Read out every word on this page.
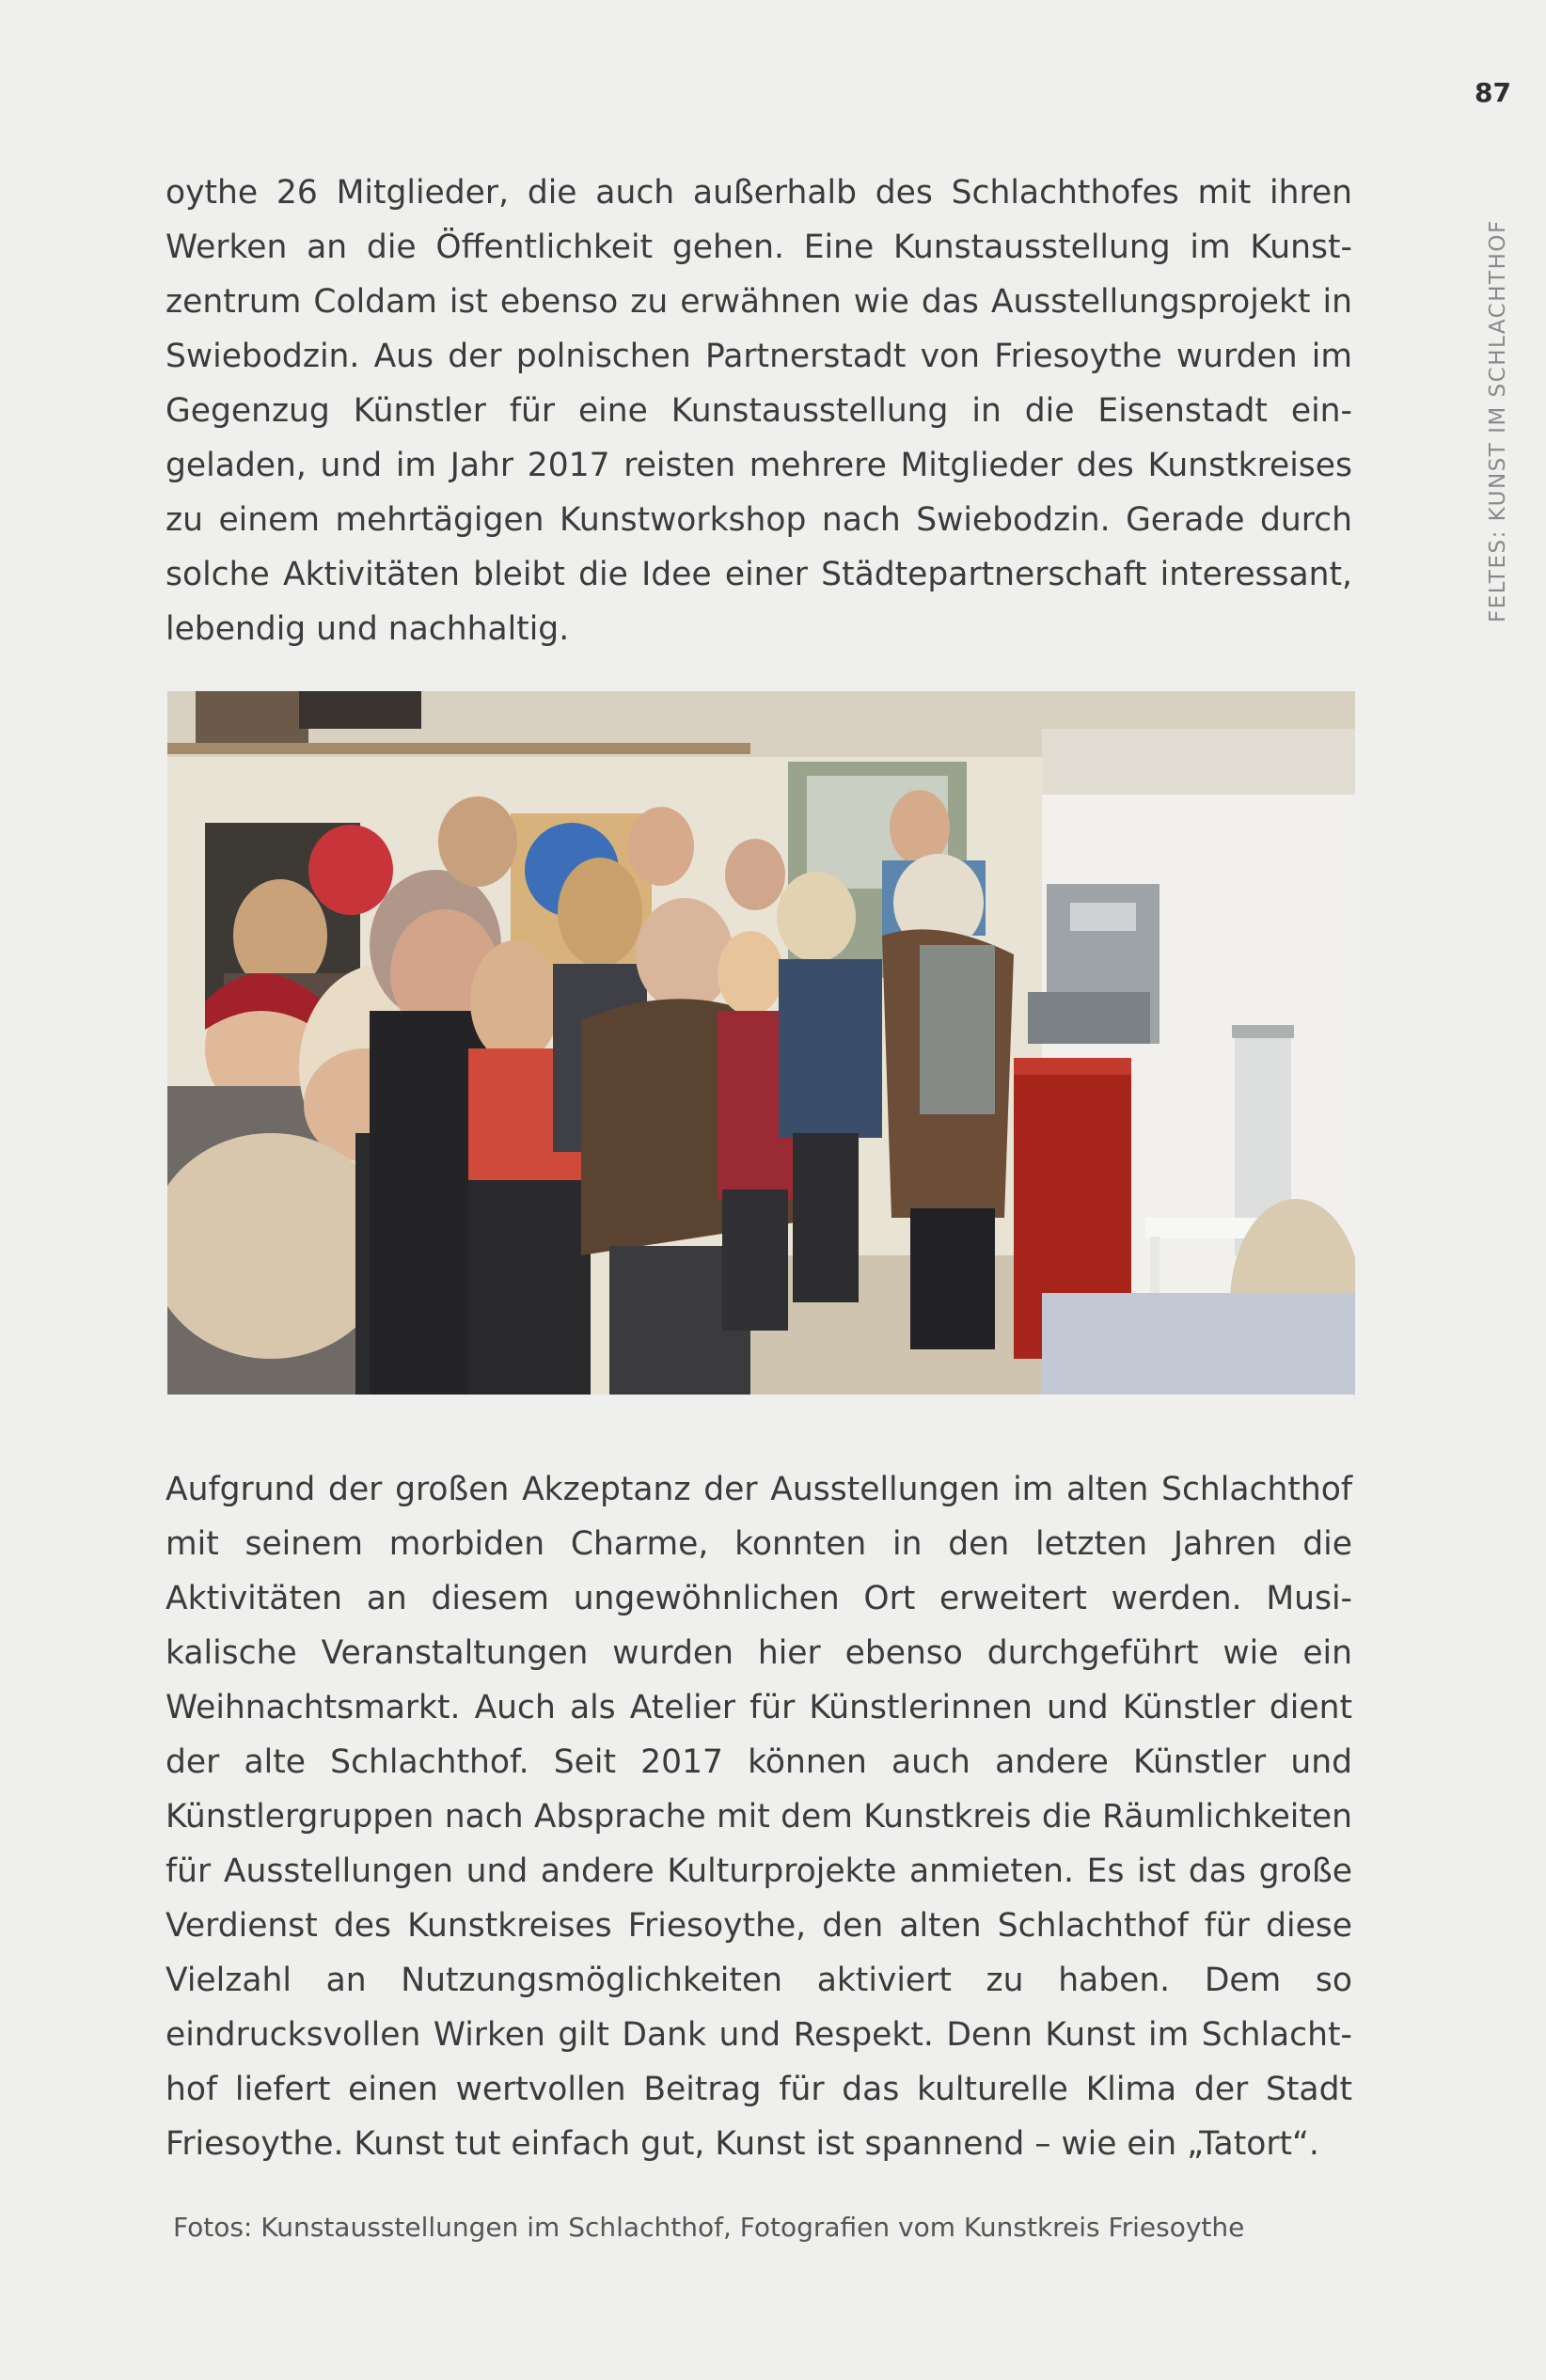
87
FELTES: KUNST IM SCHLACHTHOF

oythe 26 Mitglieder, die auch außerhalb des Schlachthofes mit ihren Werken an die Öffentlichkeit gehen. Eine Kunstausstellung im Kunstzentrum Coldam ist ebenso zu erwähnen wie das Ausstellungsprojekt in Swiebodzin. Aus der polnischen Partnerstadt von Friesoythe wurden im Gegenzug Künstler für eine Kunstausstellung in die Eisenstadt eingeladen, und im Jahr 2017 reisten mehrere Mitglieder des Kunstkreises zu einem mehrtägigen Kunstworkshop nach Swiebodzin. Gerade durch solche Aktivitäten bleibt die Idee einer Städtepartnerschaft interessant, lebendig und nachhaltig.

Aufgrund der großen Akzeptanz der Ausstellungen im alten Schlachthof mit seinem morbiden Charme, konnten in den letzten Jahren die Aktivitäten an diesem ungewöhnlichen Ort erweitert werden. Musikalische Veranstaltungen wurden hier ebenso durchgeführt wie ein Weihnachtsmarkt. Auch als Atelier für Künstlerinnen und Künstler dient der alte Schlachthof. Seit 2017 können auch andere Künstler und Künstlergruppen nach Absprache mit dem Kunstkreis die Räumlichkeiten für Ausstellungen und andere Kulturprojekte anmieten. Es ist das große Verdienst des Kunstkreises Friesoythe, den alten Schlachthof für diese Vielzahl an Nutzungsmöglichkeiten aktiviert zu haben. Dem so eindrucksvollen Wirken gilt Dank und Respekt. Denn Kunst im Schlachthof liefert einen wertvollen Beitrag für das kulturelle Klima der Stadt Friesoythe. Kunst tut einfach gut, Kunst ist spannend – wie ein „Tatort“.

Fotos: Kunstausstellungen im Schlachthof, Fotografien vom Kunstkreis Friesoythe
